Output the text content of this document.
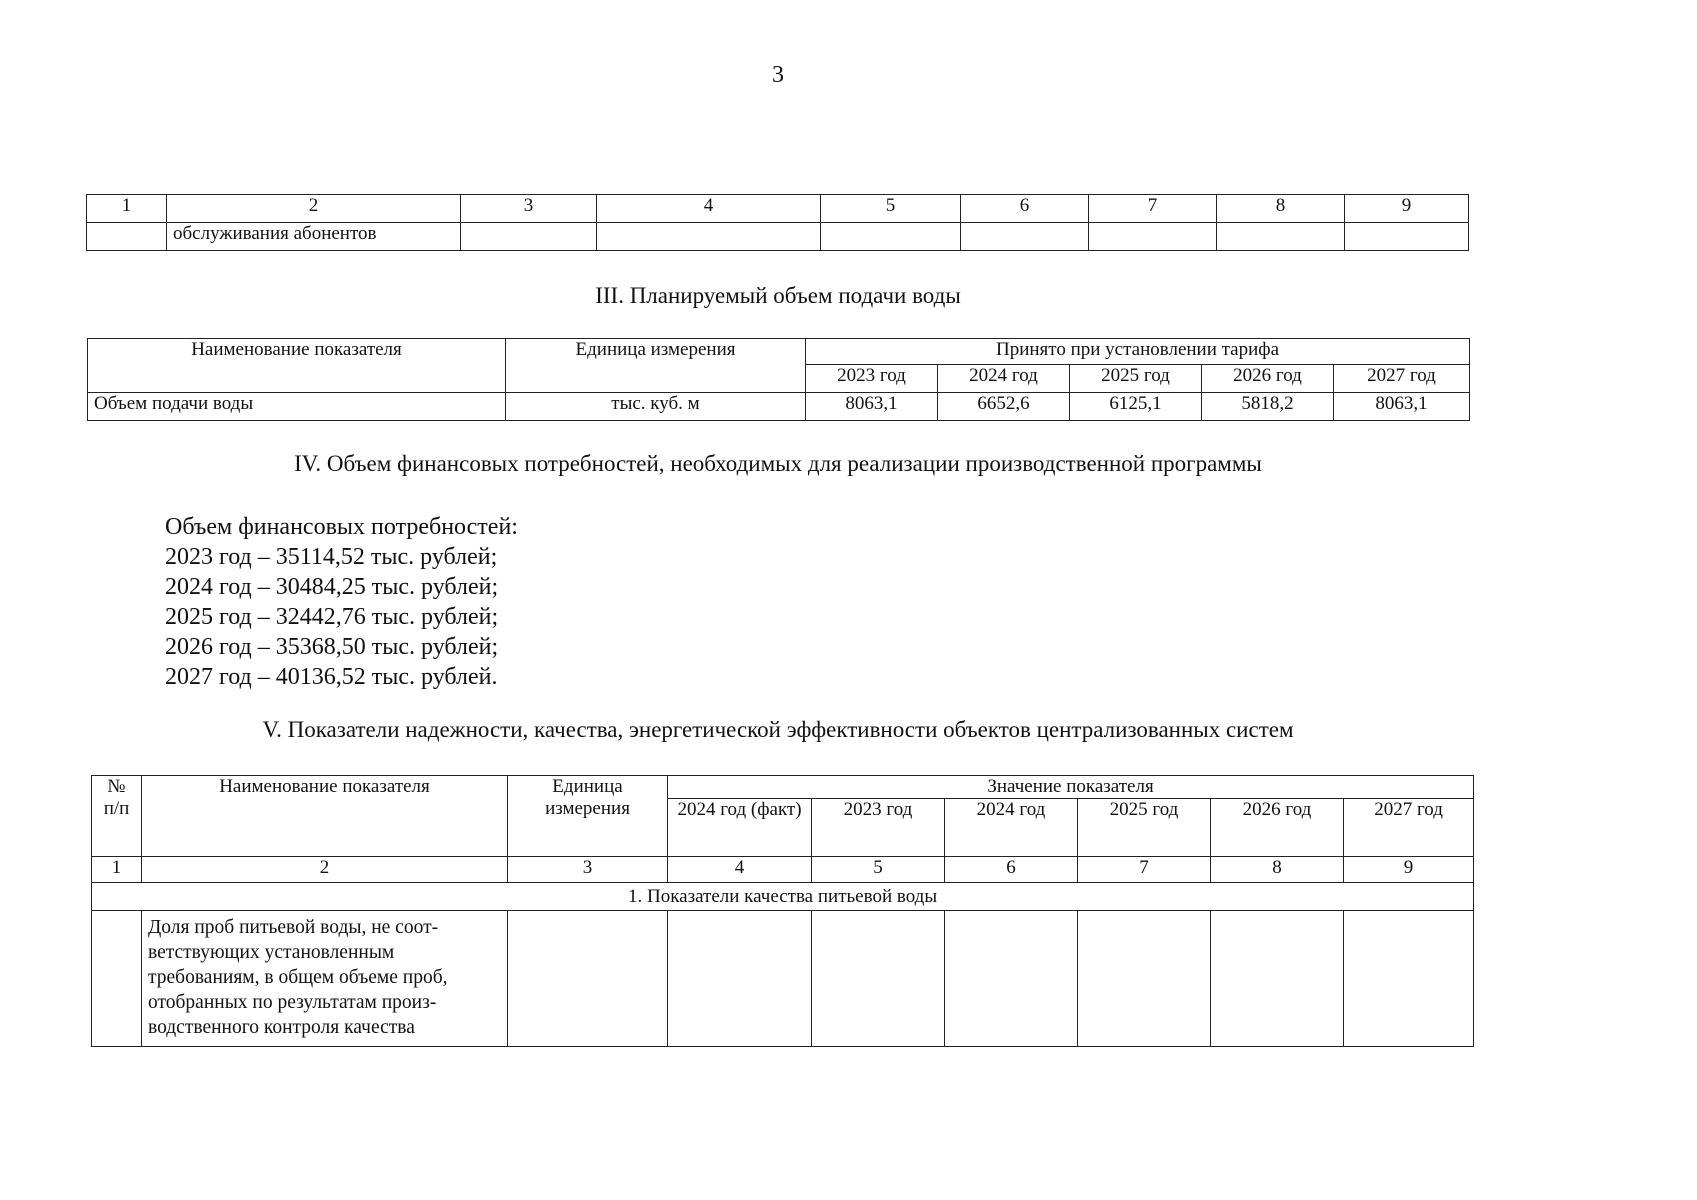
3
1	2	3	4	5	6	7	8	9
	обслуживания абонентов							
III. Планируемый объем подачи воды
Наименование показателя	Единица измерения	Принято при установлении тарифа				
		2023 год	2024 год	2025 год	2026 год	2027 год
Объем подачи воды	тыс. куб. м	8063,1	6652,6	6125,1	5818,2	8063,1
IV. Объем финансовых потребностей, необходимых для реализации производственной программы
Объем финансовых потребностей:
2023 год – 35114,52 тыс. рублей;
2024 год – 30484,25 тыс. рублей;
2025 год – 32442,76 тыс. рублей;
2026 год – 35368,50 тыс. рублей;
2027 год – 40136,52 тыс. рублей.
V. Показатели надежности, качества, энергетической эффективности объектов централизованных систем
№ п/п	Наименование показателя	Единица измерения	Значение показателя					
			2024 год (факт)	2023 год	2024 год	2025 год	2026 год	2027 год
1	2	3	4	5	6	7	8	9
1. Показатели качества питьевой воды								
	Доля проб питьевой воды, не соот-ветствующих установленным требованиям, в общем объеме проб, отобранных по результатам произ-водственного контроля качества							
